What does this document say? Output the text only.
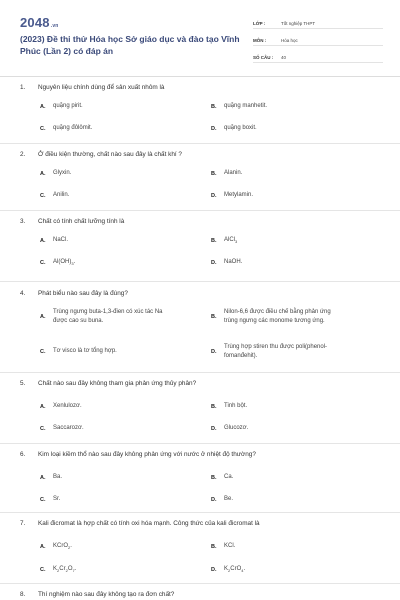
2048.vn
(2023) Đề thi thử Hóa học Sở giáo dục và đào tạo Vĩnh Phúc (Lần 2) có đáp án
LỚP :	Tốt nghiệp THPT
MÔN :	Hóa học
SỐ CÂU :	40
1. Nguyên liệu chính dùng để sản xuất nhôm là
A.	quặng pirit.	B.	quặng manhetit.
C.	quặng đôlômit.	D.	quặng boxit.
2. Ở điều kiện thường, chất nào sau đây là chất khí ?
A.	Glyxin.	B.	Alanin.
C.	Anilin.	D.	Metylamin.
3. Chất có tính chất lưỡng tính là
A.	NaCl.	B.	AlCl$_3$
C.	$Al(OH)_3$.	D.	NaOH.
4. Phát biểu nào sau đây là đúng?
A.
Trùng ngưng buta-1,3-đien có xúc tác Na
được cao su buna.
B.
Nilon-6,6 được điều chế bằng phản ứng
trùng ngưng các monome tương ứng.
C.	Tơ visco là tơ tổng hợp.	D.
Trùng hợp stiren thu được poli(phenol-
fomanđehit).
5. Chất nào sau đây không tham gia phản ứng thủy phân?
A.	Xenlulozơ.	B.	Tinh bột.
C.	Saccarozơ.	D.	Glucozơ.
6. Kim loại kiềm thổ nào sau đây không phản ứng với nước ở nhiệt độ thường?
A.	Ba.	B.	Ca.
C.	Sr.	D.	Be.
7. Kali đicromat là hợp chất có tính oxi hóa mạnh. Công thức của kali đicromat là
A.	KCrO$_2$.	B.	KCl.
C.	$K_2Cr_2O_7$.	D.	$K_2CrO_4$.
8. Thí nghiệm nào sau đây không tạo ra đơn chất?
